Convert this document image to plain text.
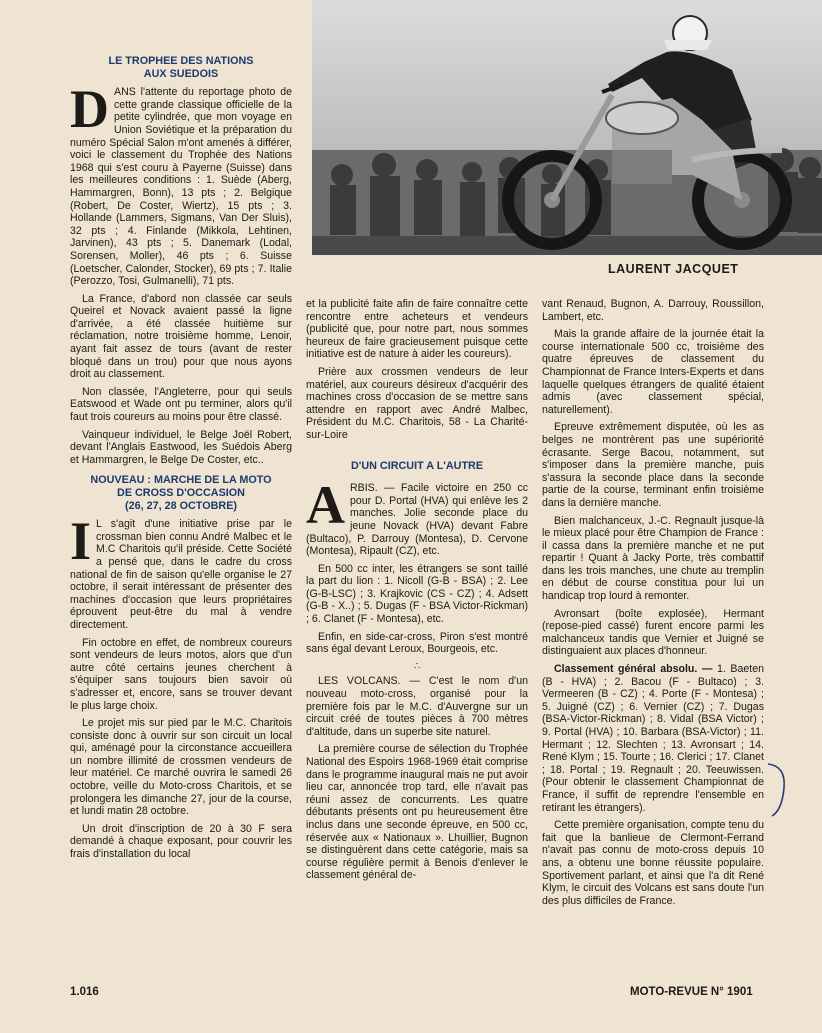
LAURENT JACQUET
LE TROPHEE DES NATIONS
AUX SUEDOIS

DANS l'attente du reportage photo de cette grande classique officielle de la petite cylindrée, que mon voyage en Union Soviétique et la préparation du numéro Spécial Salon m'ont amenés à différer, voici le classement du Trophée des Nations 1968 qui s'est couru à Payerne (Suisse) dans les meilleures conditions : 1. Suède (Aberg, Hammargren, Bonn), 13 pts ; 2. Belgique (Robert, De Coster, Wiertz), 15 pts ; 3. Hollande (Lammers, Sigmans, Van Der Sluis), 32 pts ; 4. Finlande (Mikkola, Lehtinen, Jarvinen), 43 pts ; 5. Danemark (Lodal, Sorensen, Moller), 46 pts ; 6. Suisse (Loetscher, Calonder, Stocker), 69 pts ; 7. Italie (Perozzo, Tosi, Gulmanelli), 71 pts.

La France, d'abord non classée car seuls Queirel et Novack avaient passé la ligne d'arrivée, a été classée huitième sur réclamation, notre troisième homme, Lenoir, ayant fait assez de tours (avant de rester bloqué dans un trou) pour que nous ayons droit au classement.

Non classée, l'Angleterre, pour qui seuls Eatswood et Wade ont pu terminer, alors qu'il faut trois coureurs au moins pour être classé.

Vainqueur individuel, le Belge Joël Robert, devant l'Anglais Eastwood, les Suédois Aberg et Hammargren, le Belge De Coster, etc..

NOUVEAU : MARCHE DE LA MOTO
DE CROSS D'OCCASION
(26, 27, 28 OCTOBRE)

I L s'agit d'une initiative prise par le crossman bien connu André Malbec et le M.C Charitois qu'il préside. Cette Société a pensé que, dans le cadre du cross national de fin de saison qu'elle organise le 27 octobre, il serait intéressant de présenter des machines d'occasion que leurs propriétaires éprouvent peut-être du mal à vendre directement.

Fin octobre en effet, de nombreux coureurs sont vendeurs de leurs motos, alors que d'un autre côté certains jeunes cherchent à s'équiper sans toujours bien savoir où s'adresser et, encore, sans se trouver devant le plus large choix.

Le projet mis sur pied par le M.C. Charitois consiste donc à ouvrir sur son circuit un local qui, aménagé pour la circonstance accueillera un nombre illimité de crossmen vendeurs de leur matériel. Ce marché ouvrira le samedi 26 octobre, veille du Moto-cross Charitois, et se prolongera les dimanche 27, jour de la course, et lundi matin 28 octobre.

Un droit d'inscription de 20 à 30 F sera demandé à chaque exposant, pour couvrir les frais d'installation du local

et la publicité faite afin de faire connaître cette rencontre entre acheteurs et vendeurs (publicité que, pour notre part, nous sommes heureux de faire gracieusement puisque cette initiative est de nature à aider les coureurs).

Prière aux crossmen vendeurs de leur matériel, aux coureurs désireux d'acquérir des machines cross d'occasion de se mettre sans attendre en rapport avec André Malbec, Président du M.C. Charitois, 58 - La Charité-sur-Loire

D'UN CIRCUIT A L'AUTRE

ARBIS. — Facile victoire en 250 cc pour D. Portal (HVA) qui enlève les 2 manches. Jolie seconde place du jeune Novack (HVA) devant Fabre (Bultaco), P. Darrouy (Montesa), D. Cervone (Montesa), Ripault (CZ), etc.

En 500 cc inter, les étrangers se sont taillé la part du lion : 1. Nicoll (G-B - BSA) ; 2. Lee (G-B-LSC) ; 3. Krajkovic (CS - CZ) ; 4. Adsett (G-B - X..) ; 5. Dugas (F - BSA Victor-Rickman) ; 6. Clanet (F - Montesa), etc.

Enfin, en side-car-cross, Piron s'est montré sans égal devant Leroux, Bourgeois, etc.

∴

LES VOLCANS. — C'est le nom d'un nouveau moto-cross, organisé pour la première fois par le M.C. d'Auvergne sur un circuit créé de toutes pièces à 700 mètres d'altitude, dans un superbe site naturel.

La première course de sélection du Trophée National des Espoirs 1968-1969 était comprise dans le programme inaugural mais ne put avoir lieu car, annoncée trop tard, elle n'avait pas réuni assez de concurrents. Les quatre débutants présents ont pu heureusement être inclus dans une seconde épreuve, en 500 cc, réservée aux « Nationaux ». Lhuillier, Bugnon se distinguèrent dans cette catégorie, mais sa course régulière permit à Benois d'enlever le classement général de-

vant Renaud, Bugnon, A. Darrouy, Roussillon, Lambert, etc.

Mais la grande affaire de la journée était la course internationale 500 cc, troisième des quatre épreuves de classement du Championnat de France Inters-Experts et dans laquelle quelques étrangers de qualité étaient admis (avec classement spécial, naturellement).

Epreuve extrêmement disputée, où les as belges ne montrèrent pas une supériorité écrasante. Serge Bacou, notamment, sut s'imposer dans la première manche, puis s'assura la seconde place dans la seconde partie de la course, terminant enfin troisième dans la dernière manche.

Bien malchanceux, J.-C. Regnault jusque-là le mieux placé pour être Champion de France : il cassa dans la première manche et ne put repartir ! Quant à Jacky Porte, très combattif dans les trois manches, une chute au tremplin en début de course constitua pour lui un handicap trop lourd à remonter.

Avronsart (boîte explosée), Hermant (repose-pied cassé) furent encore parmi les malchanceux tandis que Vernier et Juigné se distinguaient aux places d'honneur.

Classement général absolu. — 1. Baeten (B - HVA) ; 2. Bacou (F - Bultaco) ; 3. Vermeeren (B - CZ) ; 4. Porte (F - Montesa) ; 5. Juigné (CZ) ; 6. Vernier (CZ) ; 7. Dugas (BSA-Victor-Rickman) ; 8. Vidal (BSA Victor) ; 9. Portal (HVA) ; 10. Barbara (BSA-Victor) ; 11. Hermant ; 12. Slechten ; 13. Avronsart ; 14. René Klym ; 15. Tourte ; 16. Clerici ; 17. Clanet ; 18. Portal ; 19. Regnault ; 20. Teeuwissen. (Pour obtenir le classement Championnat de France, il suffit de reprendre l'ensemble en retirant les étrangers).

Cette première organisation, compte tenu du fait que la banlieue de Clermont-Ferrand n'avait pas connu de moto-cross depuis 10 ans, a obtenu une bonne réussite populaire. Sportivement parlant, et ainsi que l'a dit René Klym, le circuit des Volcans est sans doute l'un des plus difficiles de France.

1.016	MOTO-REVUE N° 1901
